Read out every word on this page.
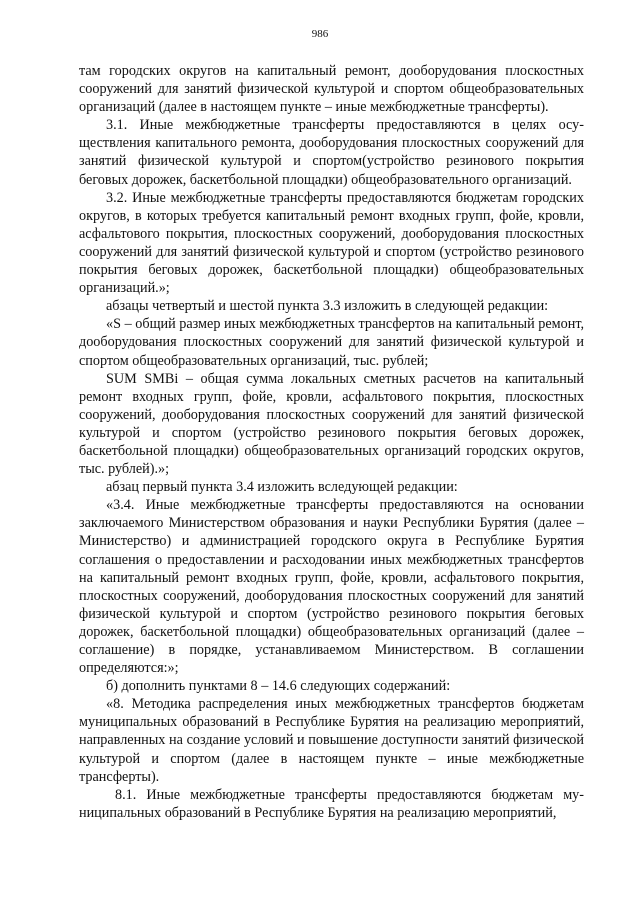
986

там городских округов на капитальный ремонт, дооборудования плоскостных сооружений для занятий физической культурой и спортом общеобразовательных организаций (далее в настоящем пункте – иные межбюджетные трансферты).

3.1. Иные межбюджетные трансферты предоставляются в целях осуществления капитального ремонта, дооборудования плоскостных сооружений для занятий физической культурой и спортом(устройство резинового покрытия беговых дорожек, баскетбольной площадки) общеобразовательного организаций.

3.2. Иные межбюджетные трансферты предоставляются бюджетам городских округов, в которых требуется капитальный ремонт входных групп, фойе, кровли, асфальтового покрытия, плоскостных сооружений, дооборудования плоскостных сооружений для занятий физической культурой и спортом (устройство резинового покрытия беговых дорожек, баскетбольной площадки) общеобразовательных организаций.»;

абзацы четвертый и шестой пункта 3.3 изложить в следующей редакции:

«S – общий размер иных межбюджетных трансфертов на капитальный ремонт, дооборудования плоскостных сооружений для занятий физической культурой и спортом общеобразовательных организаций, тыс. рублей;

SUM SMBi – общая сумма локальных сметных расчетов на капитальный ремонт входных групп, фойе, кровли, асфальтового покрытия, плоскостных сооружений, дооборудования плоскостных сооружений для занятий физической культурой и спортом (устройство резинового покрытия беговых дорожек, баскетбольной площадки) общеобразовательных организаций городских округов, тыс. рублей).»;

абзац первый пункта 3.4 изложить вследующей редакции:

«3.4. Иные межбюджетные трансферты предоставляются на основании заключаемого Министерством образования и науки Республики Бурятия (далее – Министерство) и администрацией городского округа в Республике Бурятия соглашения о предоставлении и расходовании иных межбюджетных трансфертов на капитальный ремонт входных групп, фойе, кровли, асфальтового покрытия, плоскостных сооружений, дооборудования плоскостных сооружений для занятий физической культурой и спортом (устройство резинового покрытия беговых дорожек, баскетбольной площадки) общеобразовательных организаций (далее – соглашение) в порядке, устанавливаемом Министерством. В соглашении определяются:»;

б) дополнить пунктами 8 – 14.6 следующих содержаний:

«8. Методика распределения иных межбюджетных трансфертов бюджетам муниципальных образований в Республике Бурятия на реализацию мероприятий, направленных на создание условий и повышение доступности занятий физической культурой и спортом (далее в настоящем пункте – иные межбюджетные трансферты).

8.1. Иные межбюджетные трансферты предоставляются бюджетам муниципальных образований в Республике Бурятия на реализацию мероприятий,
